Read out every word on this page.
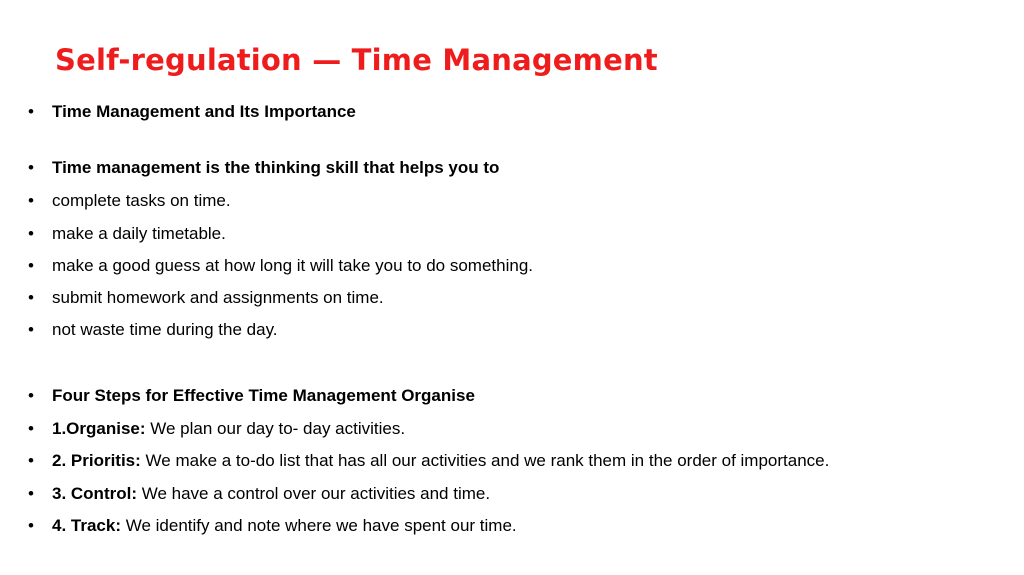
Self-regulation — Time Management
•	Time Management and Its Importance
•	Time management is the thinking skill that helps you to
•	complete tasks on time.
•	make a daily timetable.
•	make a good guess at how long it will take you to do something.
•	submit homework and assignments on time.
•	not waste time during the day.
•	Four Steps for Effective Time Management Organise
•	1.Organise: We plan our day to- day activities.
•	2. Prioritis: We make a to-do list that has all our activities and we rank them in the order of importance.
•	3. Control: We have a control over our activities and time.
•	4. Track: We identify and note where we have spent our time.
